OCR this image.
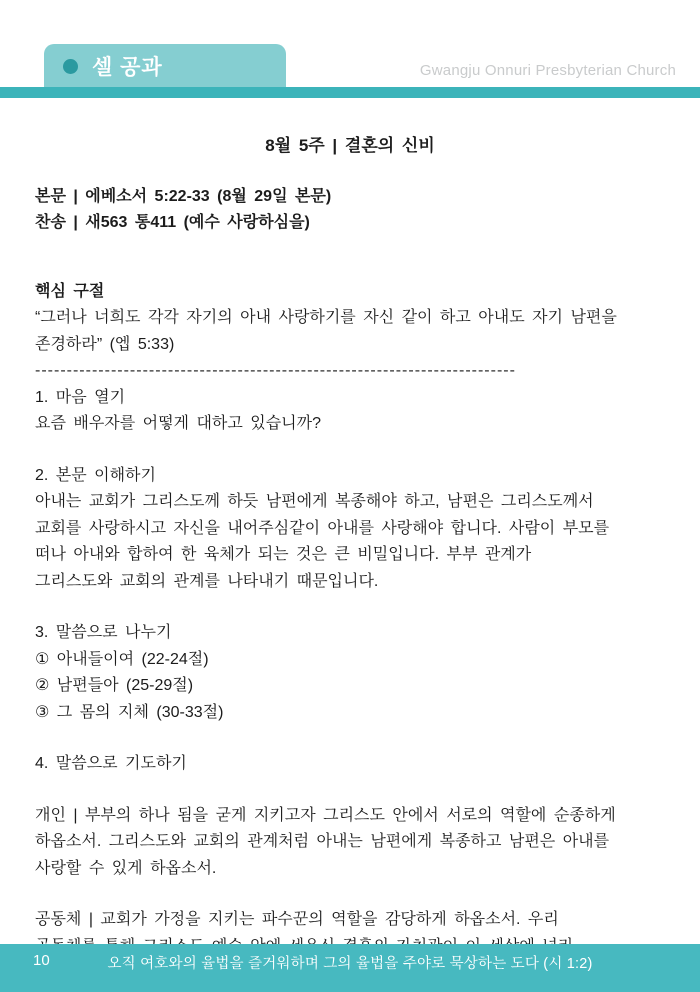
셀 공과	Gwangju Onnuri Presbyterian Church
8월 5주 | 결혼의 신비
본문 | 에베소서 5:22-33 (8월 29일 본문)
찬송 | 새563 통411 (예수 사랑하심을)
핵심 구절
“그러나 너희도 각각 자기의 아내 사랑하기를 자신 같이 하고 아내도 자기 남편을
존경하라” (엡 5:33)
----------------------------------------------------------------------------
1. 마음 열기
요즘 배우자를 어떻게 대하고 있습니까?
2. 본문 이해하기
아내는 교회가 그리스도께 하듯 남편에게 복종해야 하고, 남편은 그리스도께서
교회를 사랑하시고 자신을 내어주심같이 아내를 사랑해야 합니다. 사람이 부모를
떠나 아내와 합하여 한 육체가 되는 것은 큰 비밀입니다. 부부 관계가
그리스도와 교회의 관계를 나타내기 때문입니다.
3. 말씀으로 나누기
① 아내들이여 (22-24절)
② 남편들아 (25-29절)
③ 그 몸의 지체 (30-33절)
4. 말씀으로 기도하기
개인 | 부부의 하나 됨을 굳게 지키고자 그리스도 안에서 서로의 역할에 순종하게
하옵소서. 그리스도와 교회의 관계처럼 아내는 남편에게 복종하고 남편은 아내를
사랑할 수 있게 하옵소서.
공동체 | 교회가 가정을 지키는 파수꾼의 역할을 감당하게 하옵소서. 우리
10	오직 여호와의 율법을 즐거워하며 그의 율법을 주야로 묵상하는 도다 (시 1:2)
